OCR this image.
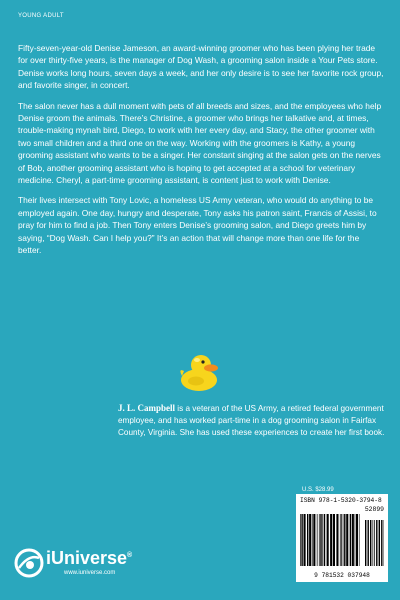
YOUNG ADULT

Fifty-seven-year-old Denise Jameson, an award-winning groomer who has been plying her trade for over thirty-five years, is the manager of Dog Wash, a grooming salon inside a Your Pets store. Denise works long hours, seven days a week, and her only desire is to see her favorite rock group, and favorite singer, in concert.

The salon never has a dull moment with pets of all breeds and sizes, and the employees who help Denise groom the animals. There’s Christine, a groomer who brings her talkative and, at times, trouble-making mynah bird, Diego, to work with her every day, and Stacy, the other groomer with two small children and a third one on the way. Working with the groomers is Kathy, a young grooming assistant who wants to be a singer. Her constant singing at the salon gets on the nerves of Bob, another grooming assistant who is hoping to get accepted at a school for veterinary medicine. Cheryl, a part-time grooming assistant, is content just to work with Denise.

Their lives intersect with Tony Lovic, a homeless US Army veteran, who would do anything to be employed again. One day, hungry and desperate, Tony asks his patron saint, Francis of Assisi, to pray for him to find a job. Then Tony enters Denise’s grooming salon, and Diego greets him by saying, “Dog Wash. Can I help you?” It’s an action that will change more than one life for the better.

J. L. Campbell is a veteran of the US Army, a retired federal government employee, and has worked part-time in a dog grooming salon in Fairfax County, Virginia. She has used these experiences to create her first book.
U.S. $28.99
ISBN 978-1-5320-3794-8
52899
9 781532 037948
iUniverse®
www.iuniverse.com
